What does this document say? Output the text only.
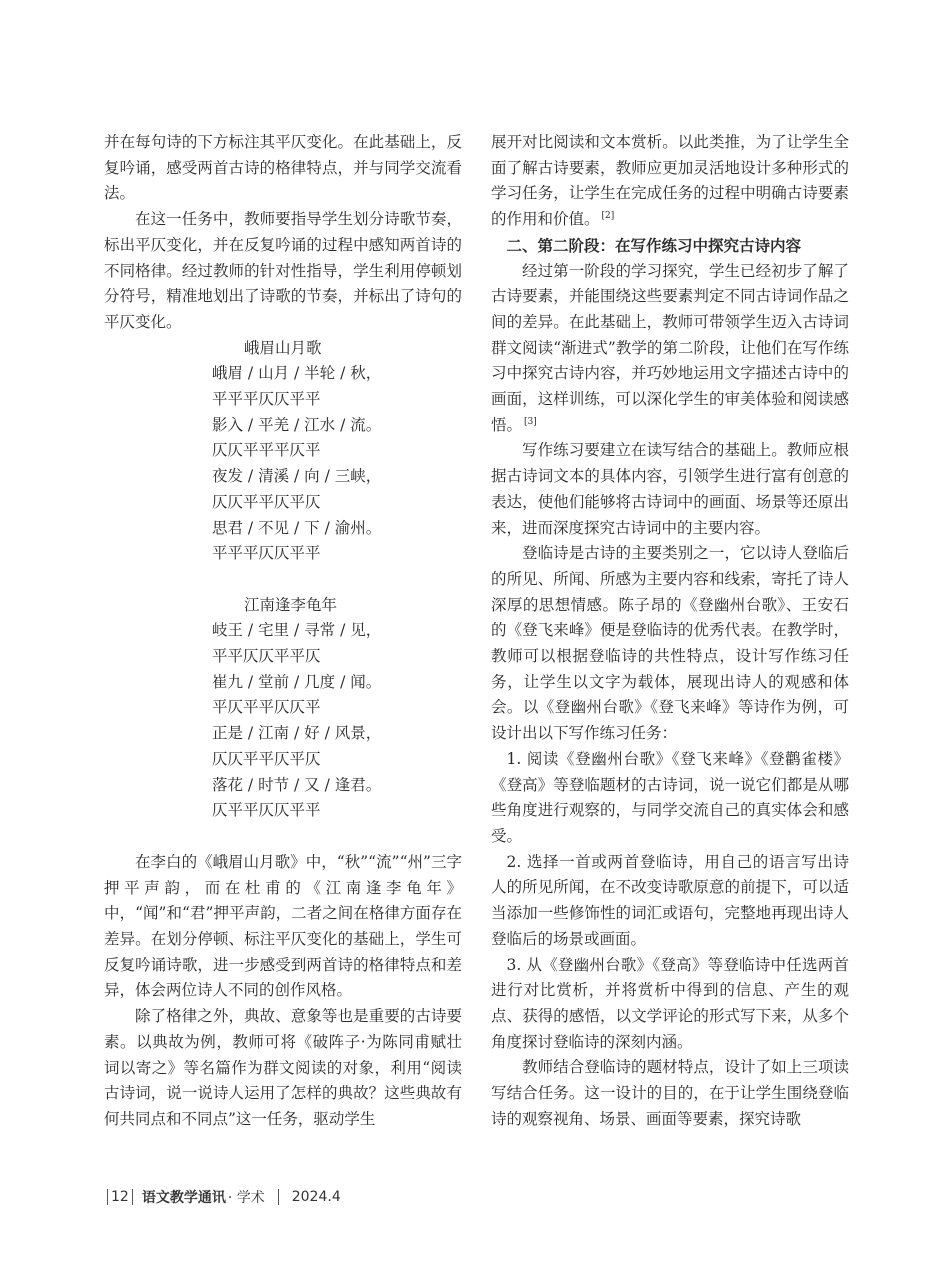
并在每句诗的下方标注其平仄变化。在此基础上，反复吟诵，感受两首古诗的格律特点，并与同学交流看法。

在这一任务中，教师要指导学生划分诗歌节奏，标出平仄变化，并在反复吟诵的过程中感知两首诗的不同格律。经过教师的针对性指导，学生利用停顿划分符号，精准地划出了诗歌的节奏，并标出了诗句的平仄变化。

峨眉山月歌
峨眉 / 山月 / 半轮 / 秋，
平平平仄仄平平
影入 / 平羌 / 江水 / 流。
仄仄平平平仄平
夜发 / 清溪 / 向 / 三峡，
仄仄平平仄平仄
思君 / 不见 / 下 / 渝州。
平平平仄仄平平
江南逢李龟年
岐王 / 宅里 / 寻常 / 见，
平平仄仄平平仄
崔九 / 堂前 / 几度 / 闻。
平仄平平仄仄平
正是 / 江南 / 好 / 风景，
仄仄平平仄平仄
落花 / 时节 / 又 / 逢君。
仄平平仄仄平平

在李白的《峨眉山月歌》中，“秋”“流”“州”三字押平声韵，而在杜甫的《江南逢李龟年》中，“闻”和“君”押平声韵，二者之间在格律方面存在差异。在划分停顿、标注平仄变化的基础上，学生可反复吟诵诗歌，进一步感受到两首诗的格律特点和差异，体会两位诗人不同的创作风格。

除了格律之外，典故、意象等也是重要的古诗要素。以典故为例，教师可将《破阵子·为陈同甫赋壮词以寄之》等名篇作为群文阅读的对象，利用“阅读古诗词，说一说诗人运用了怎样的典故？这些典故有何共同点和不同点”这一任务，驱动学生

展开对比阅读和文本赏析。以此类推，为了让学生全面了解古诗要素，教师应更加灵活地设计多种形式的学习任务，让学生在完成任务的过程中明确古诗要素的作用和价值。 [2]

二、第二阶段：在写作练习中探究古诗内容

经过第一阶段的学习探究，学生已经初步了解了古诗要素，并能围绕这些要素判定不同古诗词作品之间的差异。在此基础上，教师可带领学生迈入古诗词群文阅读“渐进式”教学的第二阶段，让他们在写作练习中探究古诗内容，并巧妙地运用文字描述古诗中的画面，这样训练，可以深化学生的审美体验和阅读感悟。 [3]

写作练习要建立在读写结合的基础上。教师应根据古诗词文本的具体内容，引领学生进行富有创意的表达，使他们能够将古诗词中的画面、场景等还原出来，进而深度探究古诗词中的主要内容。

登临诗是古诗的主要类别之一，它以诗人登临后的所见、所闻、所感为主要内容和线索，寄托了诗人深厚的思想情感。陈子昂的《登幽州台歌》、王安石的《登飞来峰》便是登临诗的优秀代表。在教学时，教师可以根据登临诗的共性特点，设计写作练习任务，让学生以文字为载体，展现出诗人的观感和体会。以《登幽州台歌》《登飞来峰》等诗作为例，可设计出以下写作练习任务：

1. 阅读《登幽州台歌》《登飞来峰》《登鹳雀楼》《登高》等登临题材的古诗词，说一说它们都是从哪些角度进行观察的，与同学交流自己的真实体会和感受。

2. 选择一首或两首登临诗，用自己的语言写出诗人的所见所闻，在不改变诗歌原意的前提下，可以适当添加一些修饰性的词汇或语句，完整地再现出诗人登临后的场景或画面。

3. 从《登幽州台歌》《登高》等登临诗中任选两首进行对比赏析，并将赏析中得到的信息、产生的观点、获得的感悟，以文学评论的形式写下来，从多个角度探讨登临诗的深刻内涵。

教师结合登临诗的题材特点，设计了如上三项读写结合任务。这一设计的目的，在于让学生围绕登临诗的观察视角、场景、画面等要素，探究诗歌

12 语文教学通讯 · 学术 2024.4
